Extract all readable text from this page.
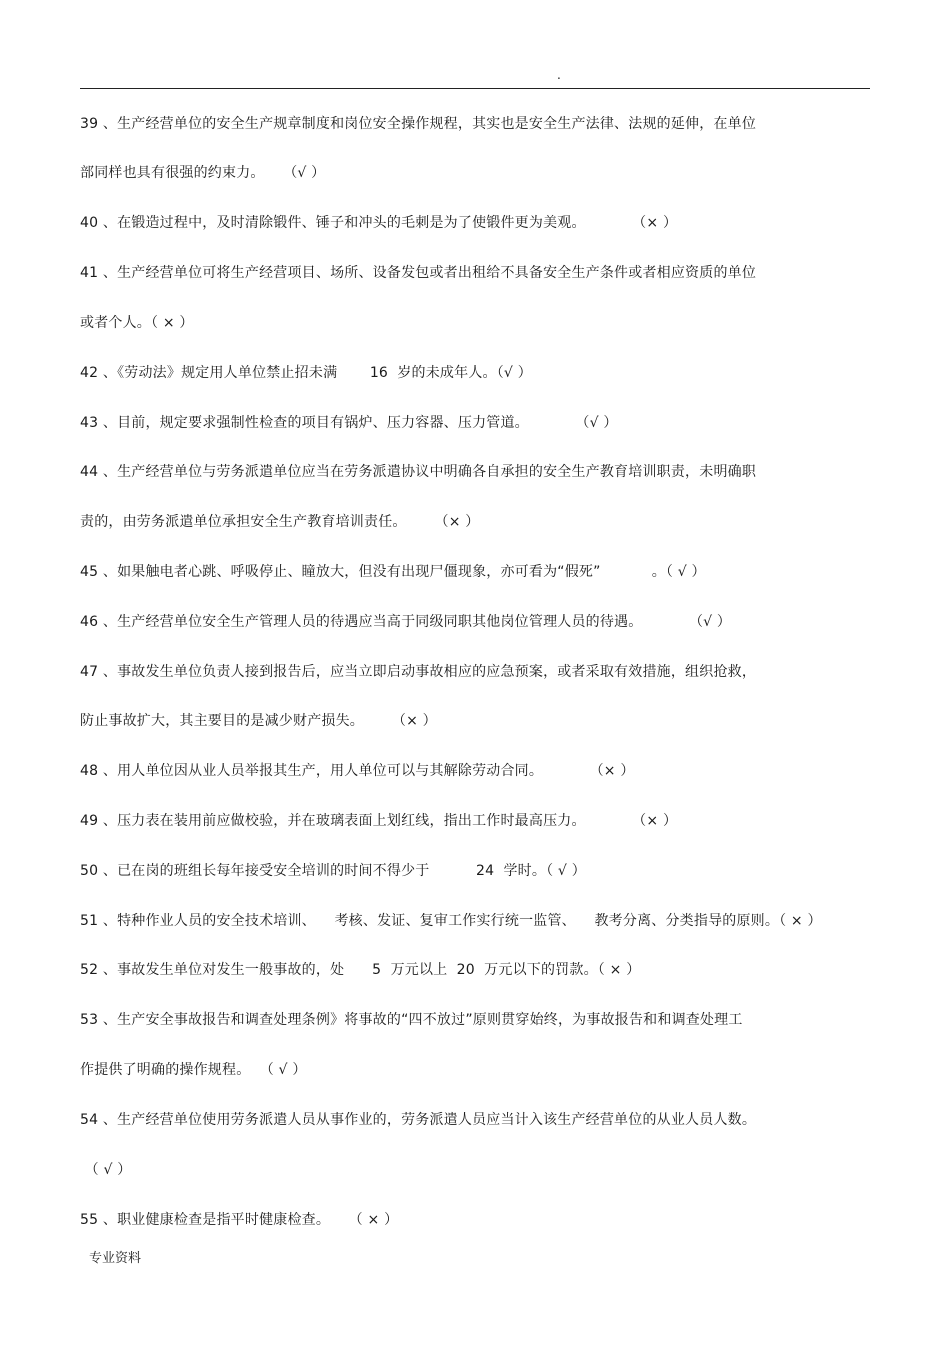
.
39 、生产经营单位的安全生产规章制度和岗位安全操作规程，其实也是安全生产法律、法规的延伸，在单位
部同样也具有很强的约束力。    （√ ）
40 、在锻造过程中，及时清除锻件、锤子和冲头的毛刺是为了使锻件更为美观。          （× ）
41 、生产经营单位可将生产经营项目、场所、设备发包或者出租给不具备安全生产条件或者相应资质的单位
或者个人。（ × ）
42 、《劳动法》规定用人单位禁止招未满       16  岁的未成年人。（√ ）
43 、目前，规定要求强制性检查的项目有锅炉、压力容器、压力管道。          （√ ）
44 、生产经营单位与劳务派遣单位应当在劳务派遣协议中明确各自承担的安全生产教育培训职责，未明确职
责的，由劳务派遣单位承担安全生产教育培训责任。      （× ）
45 、如果触电者心跳、呼吸停止、瞳放大，但没有出现尸僵现象，亦可看为“假死”           。（ √ ）
46 、生产经营单位安全生产管理人员的待遇应当高于同级同职其他岗位管理人员的待遇。          （√ ）
47 、事故发生单位负责人接到报告后，应当立即启动事故相应的应急预案，或者采取有效措施，组织抢救，
防止事故扩大，其主要目的是减少财产损失。      （× ）
48 、用人单位因从业人员举报其生产，用人单位可以与其解除劳动合同。          （× ）
49 、压力表在装用前应做校验，并在玻璃表面上划红线，指出工作时最高压力。          （× ）
50 、已在岗的班组长每年接受安全培训的时间不得少于          24  学时。（ √ ）
51 、特种作业人员的安全技术培训、    考核、发证、复审工作实行统一监管、    教考分离、分类指导的原则。（ × ）
52 、事故发生单位对发生一般事故的，处      5  万元以上  20  万元以下的罚款。（ × ）
53 、生产安全事故报告和调查处理条例》将事故的“四不放过”原则贯穿始终，为事故报告和和调查处理工
作提供了明确的操作规程。  （ √ ）
54 、生产经营单位使用劳务派遣人员从事作业的，劳务派遣人员应当计入该生产经营单位的从业人员人数。
（ √ ）
55 、职业健康检查是指平时健康检查。    （ × ）
专业资料
